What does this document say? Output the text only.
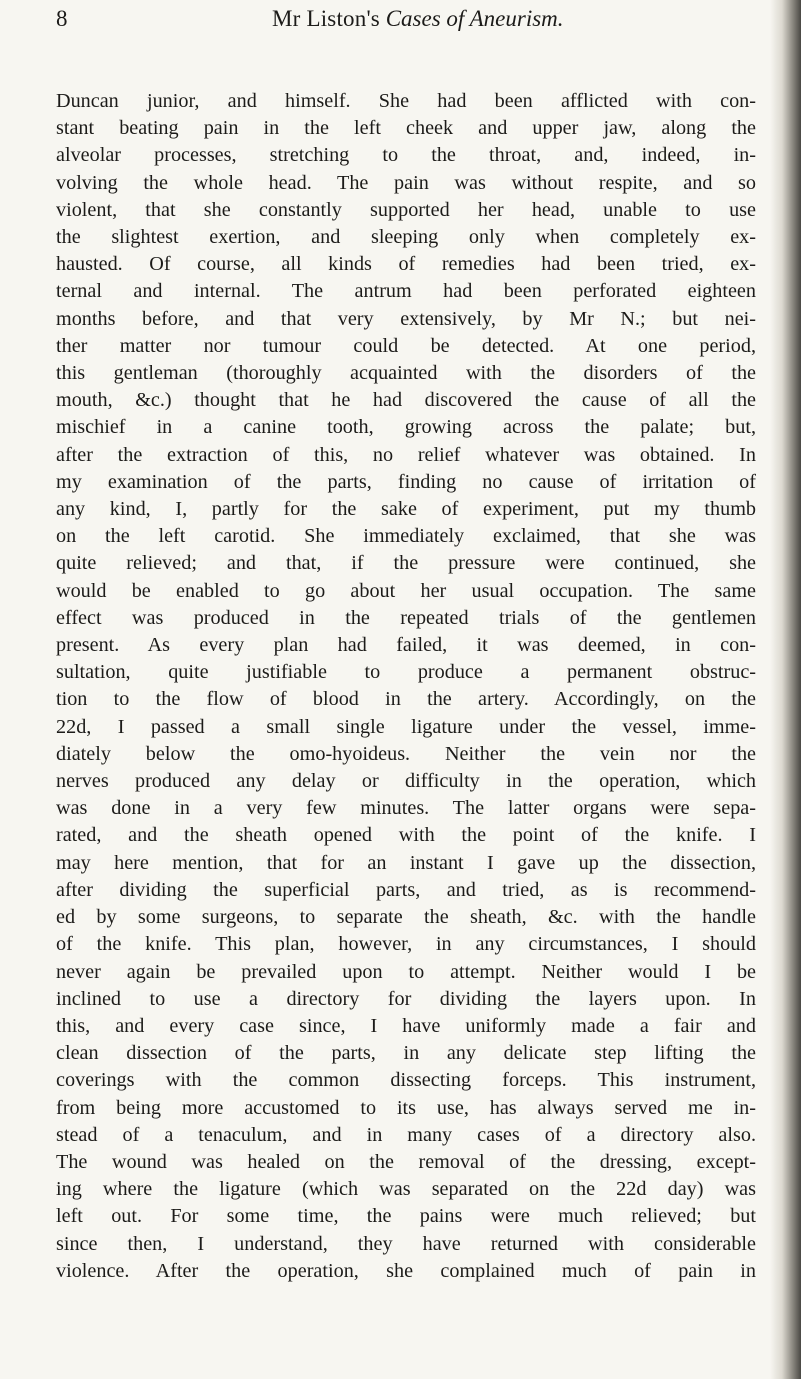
8	Mr Liston's Cases of Aneurism.
Duncan junior, and himself. She had been afflicted with con-
stant beating pain in the left cheek and upper jaw, along the
alveolar processes, stretching to the throat, and, indeed, in-
volving the whole head. The pain was without respite, and so
violent, that she constantly supported her head, unable to use
the slightest exertion, and sleeping only when completely ex-
hausted. Of course, all kinds of remedies had been tried, ex-
ternal and internal. The antrum had been perforated eighteen
months before, and that very extensively, by Mr N.; but nei-
ther matter nor tumour could be detected. At one period,
this gentleman (thoroughly acquainted with the disorders of the
mouth, &c.) thought that he had discovered the cause of all the
mischief in a canine tooth, growing across the palate; but,
after the extraction of this, no relief whatever was obtained. In
my examination of the parts, finding no cause of irritation of
any kind, I, partly for the sake of experiment, put my thumb
on the left carotid. She immediately exclaimed, that she was
quite relieved; and that, if the pressure were continued, she
would be enabled to go about her usual occupation. The same
effect was produced in the repeated trials of the gentlemen
present. As every plan had failed, it was deemed, in con-
sultation, quite justifiable to produce a permanent obstruc-
tion to the flow of blood in the artery. Accordingly, on the
22d, I passed a small single ligature under the vessel, imme-
diately below the omo-hyoideus. Neither the vein nor the
nerves produced any delay or difficulty in the operation, which
was done in a very few minutes. The latter organs were sepa-
rated, and the sheath opened with the point of the knife. I
may here mention, that for an instant I gave up the dissection,
after dividing the superficial parts, and tried, as is recommend-
ed by some surgeons, to separate the sheath, &c. with the handle
of the knife. This plan, however, in any circumstances, I should
never again be prevailed upon to attempt. Neither would I be
inclined to use a directory for dividing the layers upon. In
this, and every case since, I have uniformly made a fair and
clean dissection of the parts, in any delicate step lifting the
coverings with the common dissecting forceps. This instrument,
from being more accustomed to its use, has always served me in-
stead of a tenaculum, and in many cases of a directory also.
The wound was healed on the removal of the dressing, except-
ing where the ligature (which was separated on the 22d day) was
left out. For some time, the pains were much relieved; but
since then, I understand, they have returned with considerable
violence. After the operation, she complained much of pain in
